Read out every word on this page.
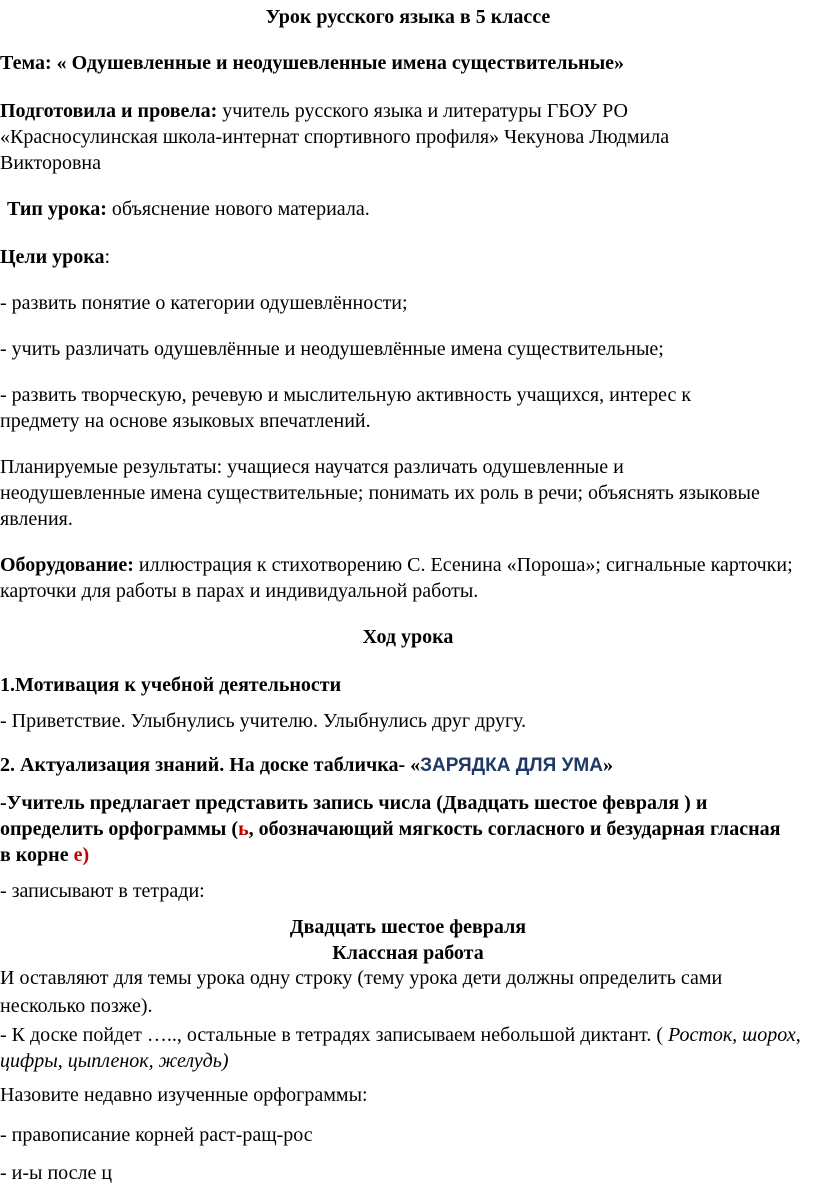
Урок русского языка в 5 классе

Тема: « Одушевленные и неодушевленные имена существительные»

Подготовила и провела: учитель русского языка и литературы ГБОУ РО «Красносулинская школа-интернат спортивного профиля» Чекунова Людмила Викторовна

Тип урока: объяснение нового материала.

Цели урока:

- развить понятие о категории одушевлённости;

- учить различать одушевлённые и неодушевлённые имена существительные;

- развить творческую, речевую и мыслительную активность учащихся, интерес к предмету на основе языковых впечатлений.

Планируемые результаты: учащиеся научатся различать одушевленные и неодушевленные имена существительные; понимать их роль в речи; объяснять языковые явления.

Оборудование: иллюстрация к стихотворению С. Есенина «Пороша»; сигнальные карточки; карточки для работы в парах и индивидуальной работы.

Ход урока

1.Мотивация к учебной деятельности

- Приветствие. Улыбнулись учителю. Улыбнулись друг другу.

2. Актуализация знаний. На доске табличка- «ЗАРЯДКА ДЛЯ УМА»

-Учитель предлагает представить запись числа (Двадцать шестое февраля ) и определить орфограммы (ь, обозначающий мягкость согласного и безударная гласная в корне е)

- записывают в тетради:

Двадцать шестое февраля

Классная работа

И оставляют для темы урока одну строку (тему урока дети должны определить сами несколько позже).

- К доске пойдет ….., остальные в тетрадях записываем небольшой диктант. ( Росток, шорох, цифры, цыпленок, желудь)

Назовите недавно изученные орфограммы:

- правописание корней раст-ращ-рос

- и-ы после ц
